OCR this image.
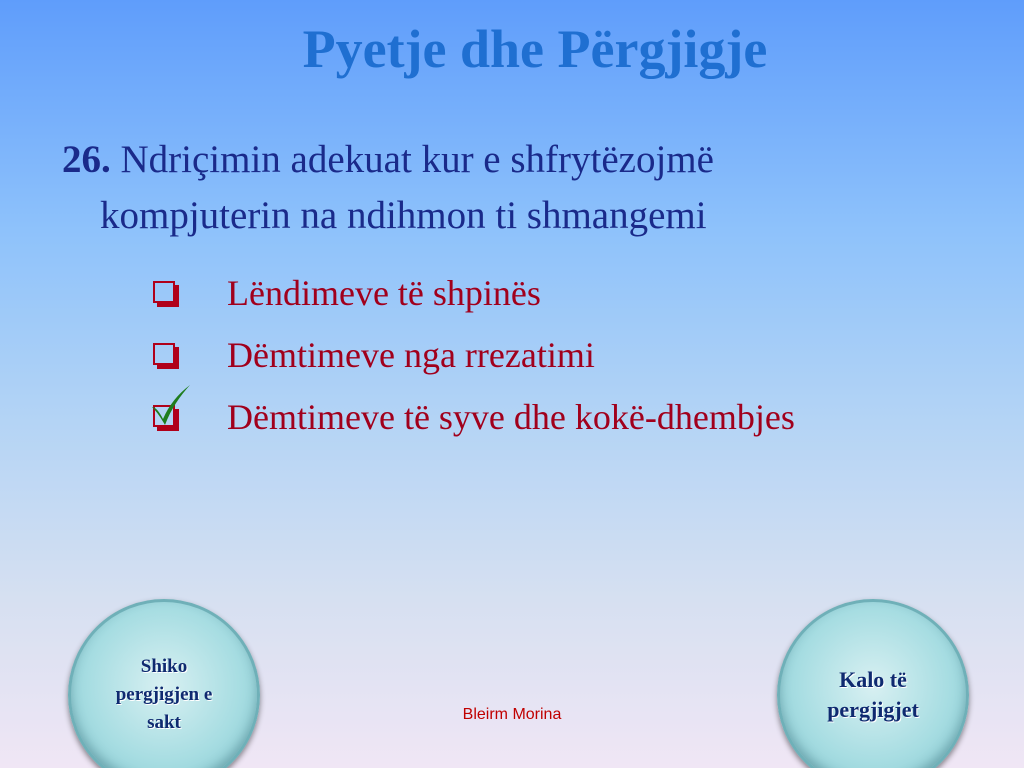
Pyetje dhe Përgjigje
26. Ndriçimin adekuat kur e shfrytëzojmë
kompjuterin na ndihmon ti shmangemi
Lëndimeve të shpinës
Dëmtimeve nga rrezatimi
Dëmtimeve të syve dhe kokë-dhembjes
Shiko pergjigjen e sakt
Kalo të pergjigjet
Bleirm Morina
